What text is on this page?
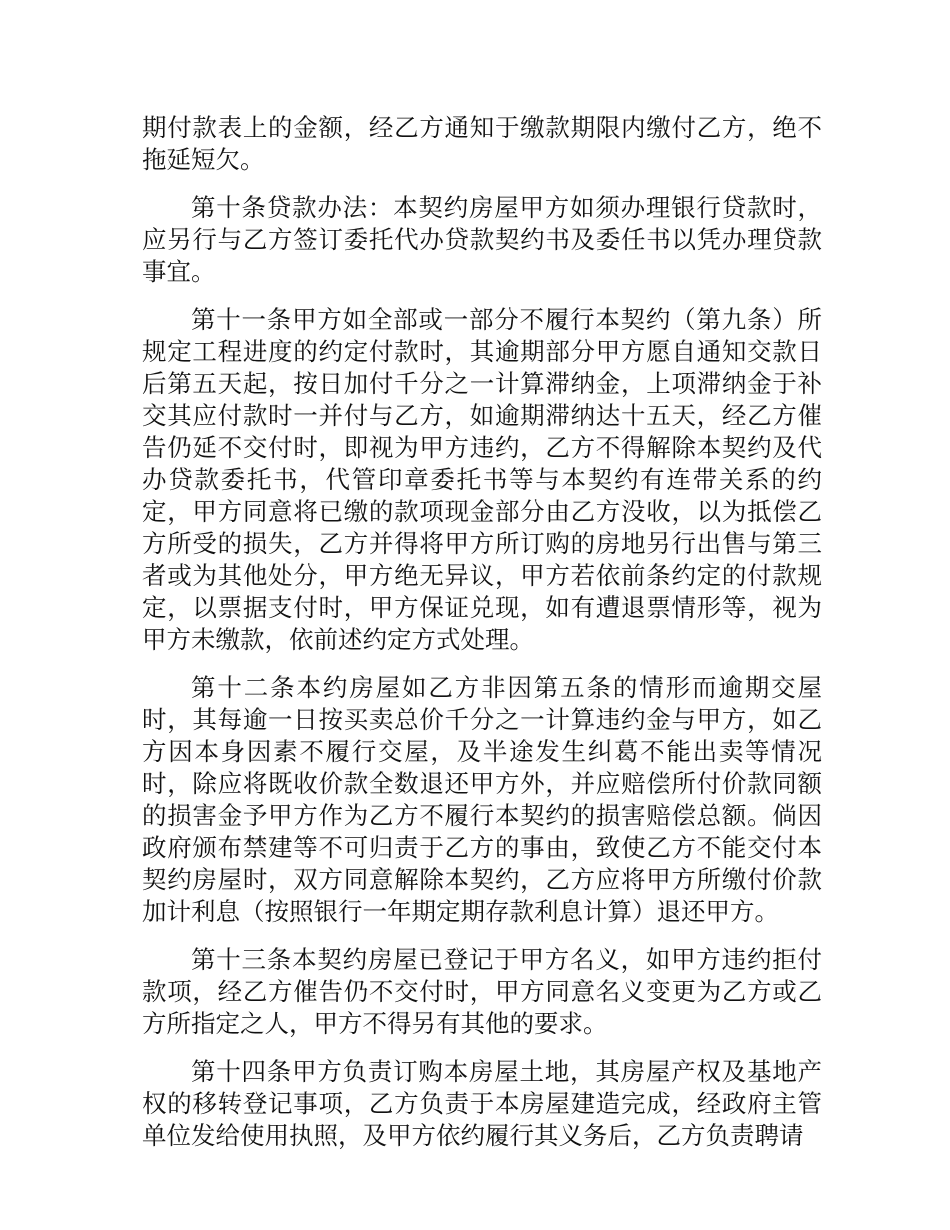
期付款表上的金额，经乙方通知于缴款期限内缴付乙方，绝不拖延短欠。

第十条贷款办法：本契约房屋甲方如须办理银行贷款时，应另行与乙方签订委托代办贷款契约书及委任书以凭办理贷款事宜。

第十一条甲方如全部或一部分不履行本契约（第九条）所规定工程进度的约定付款时，其逾期部分甲方愿自通知交款日后第五天起，按日加付千分之一计算滞纳金，上项滞纳金于补交其应付款时一并付与乙方，如逾期滞纳达十五天，经乙方催告仍延不交付时，即视为甲方违约，乙方不得解除本契约及代办贷款委托书，代管印章委托书等与本契约有连带关系的约定，甲方同意将已缴的款项现金部分由乙方没收，以为抵偿乙方所受的损失，乙方并得将甲方所订购的房地另行出售与第三者或为其他处分，甲方绝无异议，甲方若依前条约定的付款规定，以票据支付时，甲方保证兑现，如有遭退票情形等，视为甲方未缴款，依前述约定方式处理。

第十二条本约房屋如乙方非因第五条的情形而逾期交屋时，其每逾一日按买卖总价千分之一计算违约金与甲方，如乙方因本身因素不履行交屋，及半途发生纠葛不能出卖等情况时，除应将既收价款全数退还甲方外，并应赔偿所付价款同额的损害金予甲方作为乙方不履行本契约的损害赔偿总额。倘因政府颁布禁建等不可归责于乙方的事由，致使乙方不能交付本契约房屋时，双方同意解除本契约，乙方应将甲方所缴付价款加计利息（按照银行一年期定期存款利息计算）退还甲方。

第十三条本契约房屋已登记于甲方名义，如甲方违约拒付款项，经乙方催告仍不交付时，甲方同意名义变更为乙方或乙方所指定之人，甲方不得另有其他的要求。

第十四条甲方负责订购本房屋土地，其房屋产权及基地产权的移转登记事项，乙方负责于本房屋建造完成，经政府主管单位发给使用执照，及甲方依约履行其义务后，乙方负责聘请
